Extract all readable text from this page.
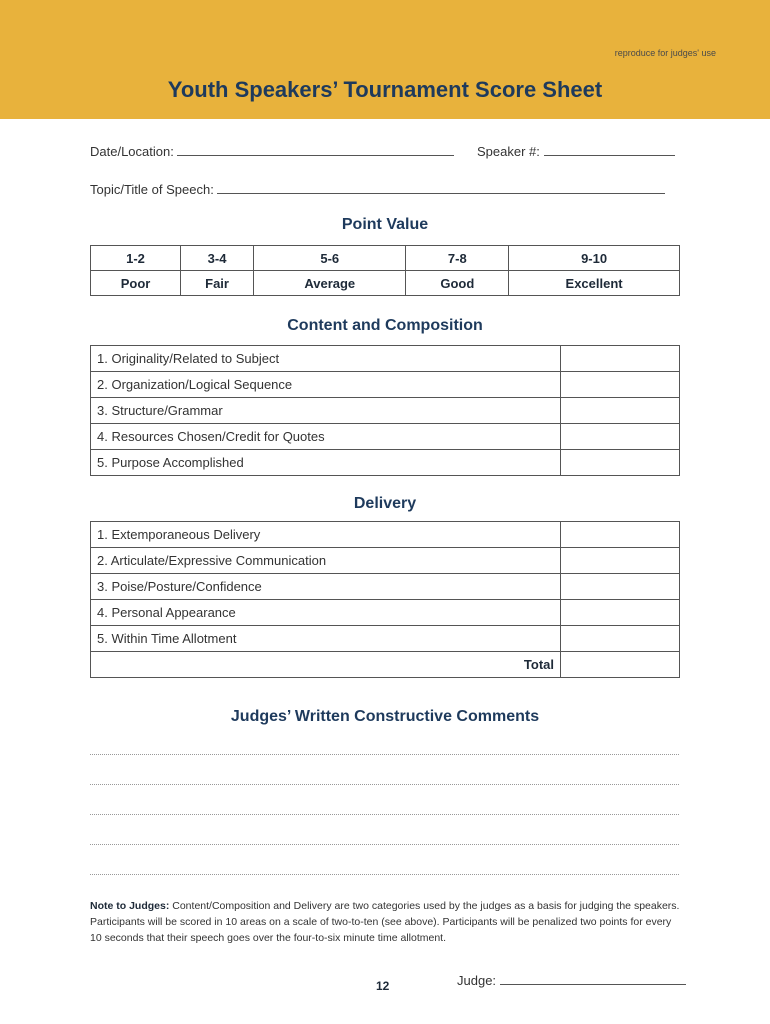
reproduce for judges' use
Youth Speakers’ Tournament Score Sheet
Date/Location:	Speaker #:
Topic/Title of Speech:
Point Value
1-2	3-4	5-6	7-8	9-10
Poor	Fair	Average	Good	Excellent
Content and Composition
1. Originality/Related to Subject	
2. Organization/Logical Sequence	
3. Structure/Grammar	
4. Resources Chosen/Credit for Quotes	
5. Purpose Accomplished	
Delivery
1. Extemporaneous Delivery	
2. Articulate/Expressive Communication	
3. Poise/Posture/Confidence	
4. Personal Appearance	
5. Within Time Allotment	
Total	
Judges’ Written Constructive Comments
Note to Judges: Content/Composition and Delivery are two categories used by the judges as a basis for judging the speakers. Participants will be scored in 10 areas on a scale of two-to-ten (see above). Participants will be penalized two points for every 10 seconds that their speech goes over the four-to-six minute time allotment.
12	Judge:
